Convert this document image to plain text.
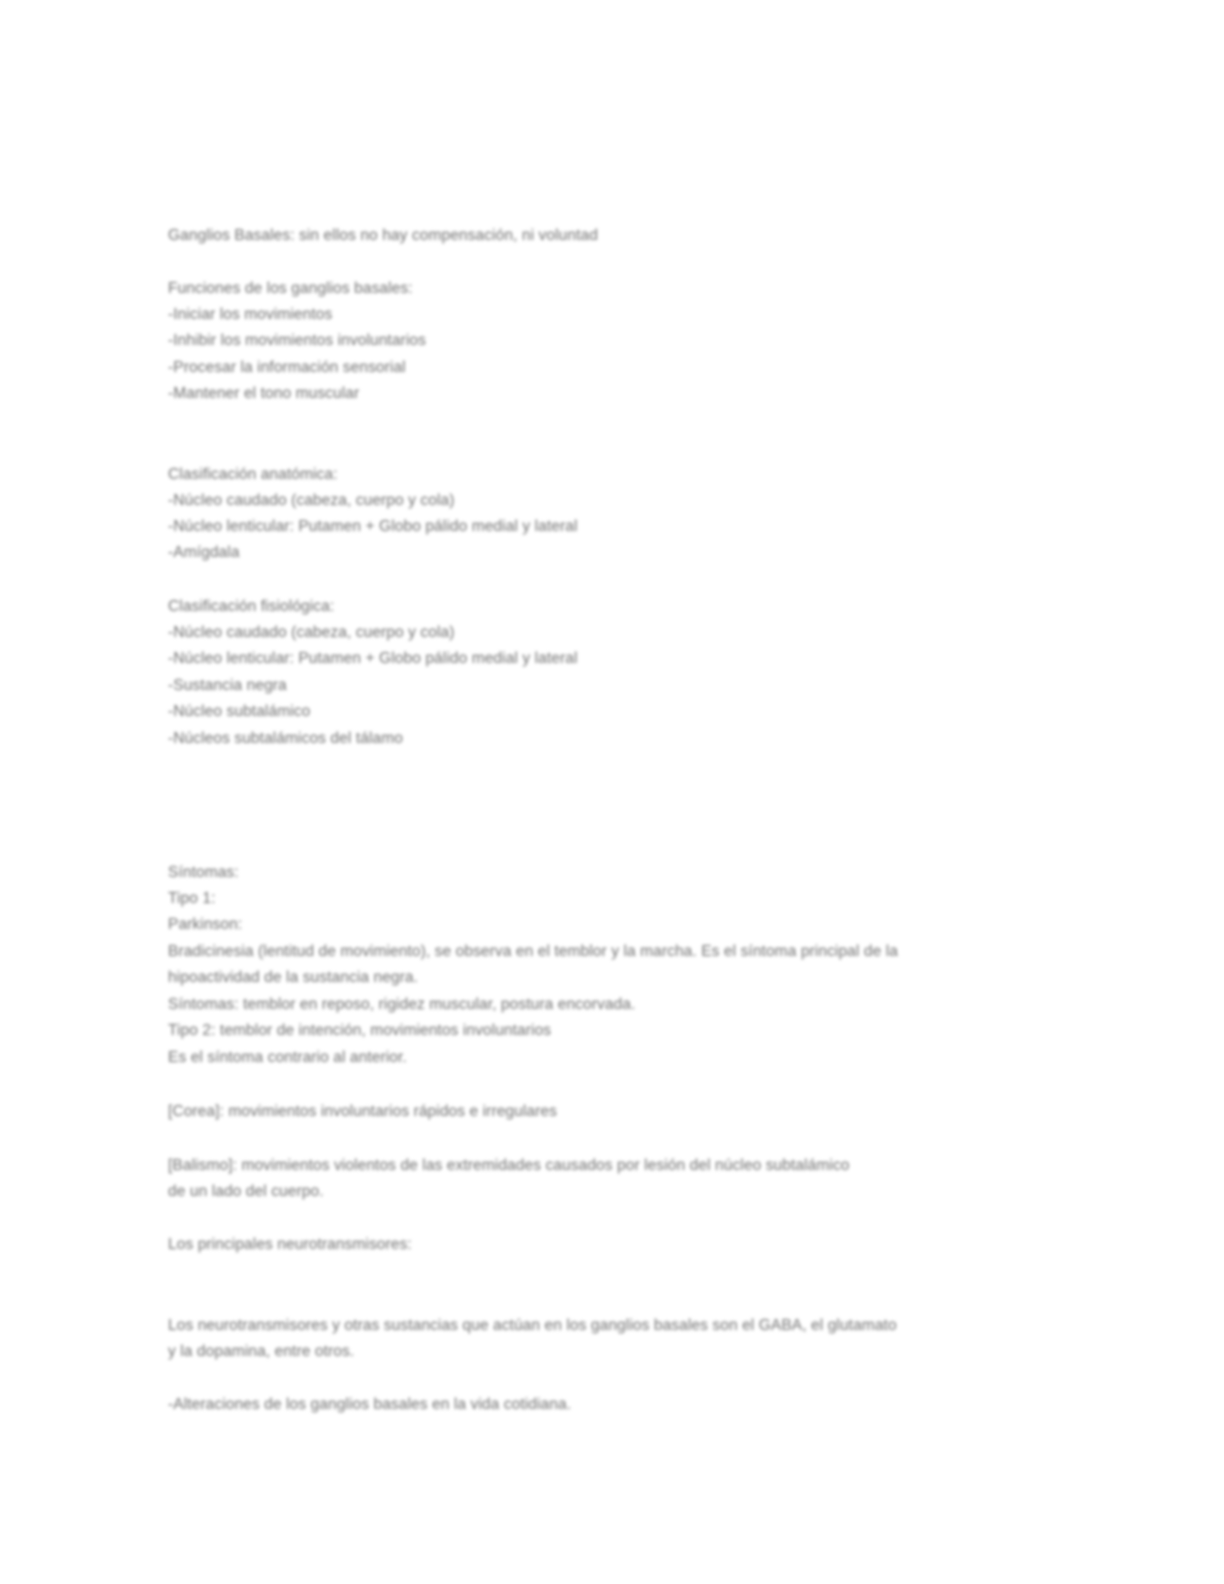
Ganglios Basales: sin ellos no hay compensación, ni voluntad
Funciones de los ganglios basales:
-Iniciar los movimientos
-Inhibir los movimientos involuntarios
-Procesar la información sensorial
-Mantener el tono muscular
Clasificación anatómica:
-Núcleo caudado (cabeza, cuerpo y cola)
-Núcleo lenticular: Putamen + Globo pálido medial y lateral
-Amígdala
Clasificación fisiológica:
-Núcleo caudado (cabeza, cuerpo y cola)
-Núcleo lenticular: Putamen + Globo pálido medial y lateral
-Sustancia negra
-Núcleo subtalámico
-Núcleos subtalámicos del tálamo
Síntomas:
Tipo 1:
Parkinson:
Bradicinesia (lentitud de movimiento), se observa en el temblor y la marcha. Es el síntoma principal de la
hipoactividad de la sustancia negra.
Síntomas: temblor en reposo, rigidez muscular, postura encorvada.
Tipo 2: temblor de intención, movimientos involuntarios
Es el síntoma contrario al anterior.
[Corea]: movimientos involuntarios rápidos e irregulares
[Balismo]: movimientos violentos de las extremidades causados por lesión del núcleo subtalámico
de un lado del cuerpo.
Los principales neurotransmisores:
Los neurotransmisores y otras sustancias que actúan en los ganglios basales son el GABA, el glutamato
y la dopamina, entre otros.
-Alteraciones de los ganglios basales en la vida cotidiana.
